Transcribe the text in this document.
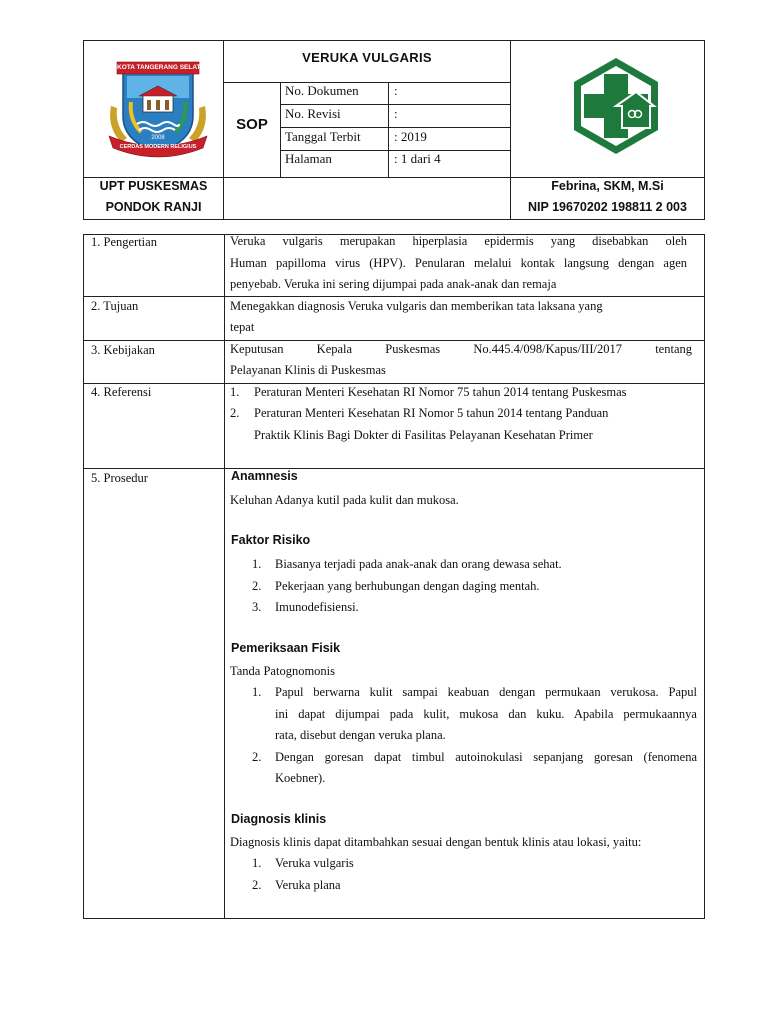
KOTA TANGERANG SELATAN
2008
CERDAS MODERN RELIGIUS
VERUKA VULGARIS
SOP
No. Dokumen	:
No. Revisi	:
Tanggal Terbit	: 2019
Halaman	: 1 dari 4
UPT PUSKESMAS
PONDOK RANJI
Febrina, SKM, M.Si
NIP 19670202 198811 2 003
1. Pengertian	Veruka vulgaris merupakan hiperplasia epidermis yang disebabkan oleh
Human papilloma virus (HPV). Penularan melalui kontak langsung dengan agen
penyebab. Veruka ini sering dijumpai pada anak-anak dan remaja
2. Tujuan	Menegakkan diagnosis Veruka vulgaris dan memberikan tata laksana yang
tepat
3. Kebijakan	Keputusan Kepala Puskesmas No.445.4/098/Kapus/III/2017 tentang
Pelayanan Klinis di Puskesmas
4. Referensi	1. Peraturan Menteri Kesehatan RI Nomor 75 tahun 2014 tentang Puskesmas
2. Peraturan Menteri Kesehatan RI Nomor 5 tahun 2014 tentang Panduan
Praktik Klinis Bagi Dokter di Fasilitas Pelayanan Kesehatan Primer
5. Prosedur	Anamnesis
Keluhan Adanya kutil pada kulit dan mukosa.
Faktor Risiko
1. Biasanya terjadi pada anak-anak dan orang dewasa sehat.
2. Pekerjaan yang berhubungan dengan daging mentah.
3. Imunodefisiensi.
Pemeriksaan Fisik
Tanda Patognomonis
1. Papul berwarna kulit sampai keabuan dengan permukaan verukosa. Papul
ini dapat dijumpai pada kulit, mukosa dan kuku. Apabila permukaannya
rata, disebut dengan veruka plana.
2. Dengan goresan dapat timbul autoinokulasi sepanjang goresan (fenomena
Koebner).
Diagnosis klinis
Diagnosis klinis dapat ditambahkan sesuai dengan bentuk klinis atau lokasi, yaitu:
1. Veruka vulgaris
2. Veruka plana
